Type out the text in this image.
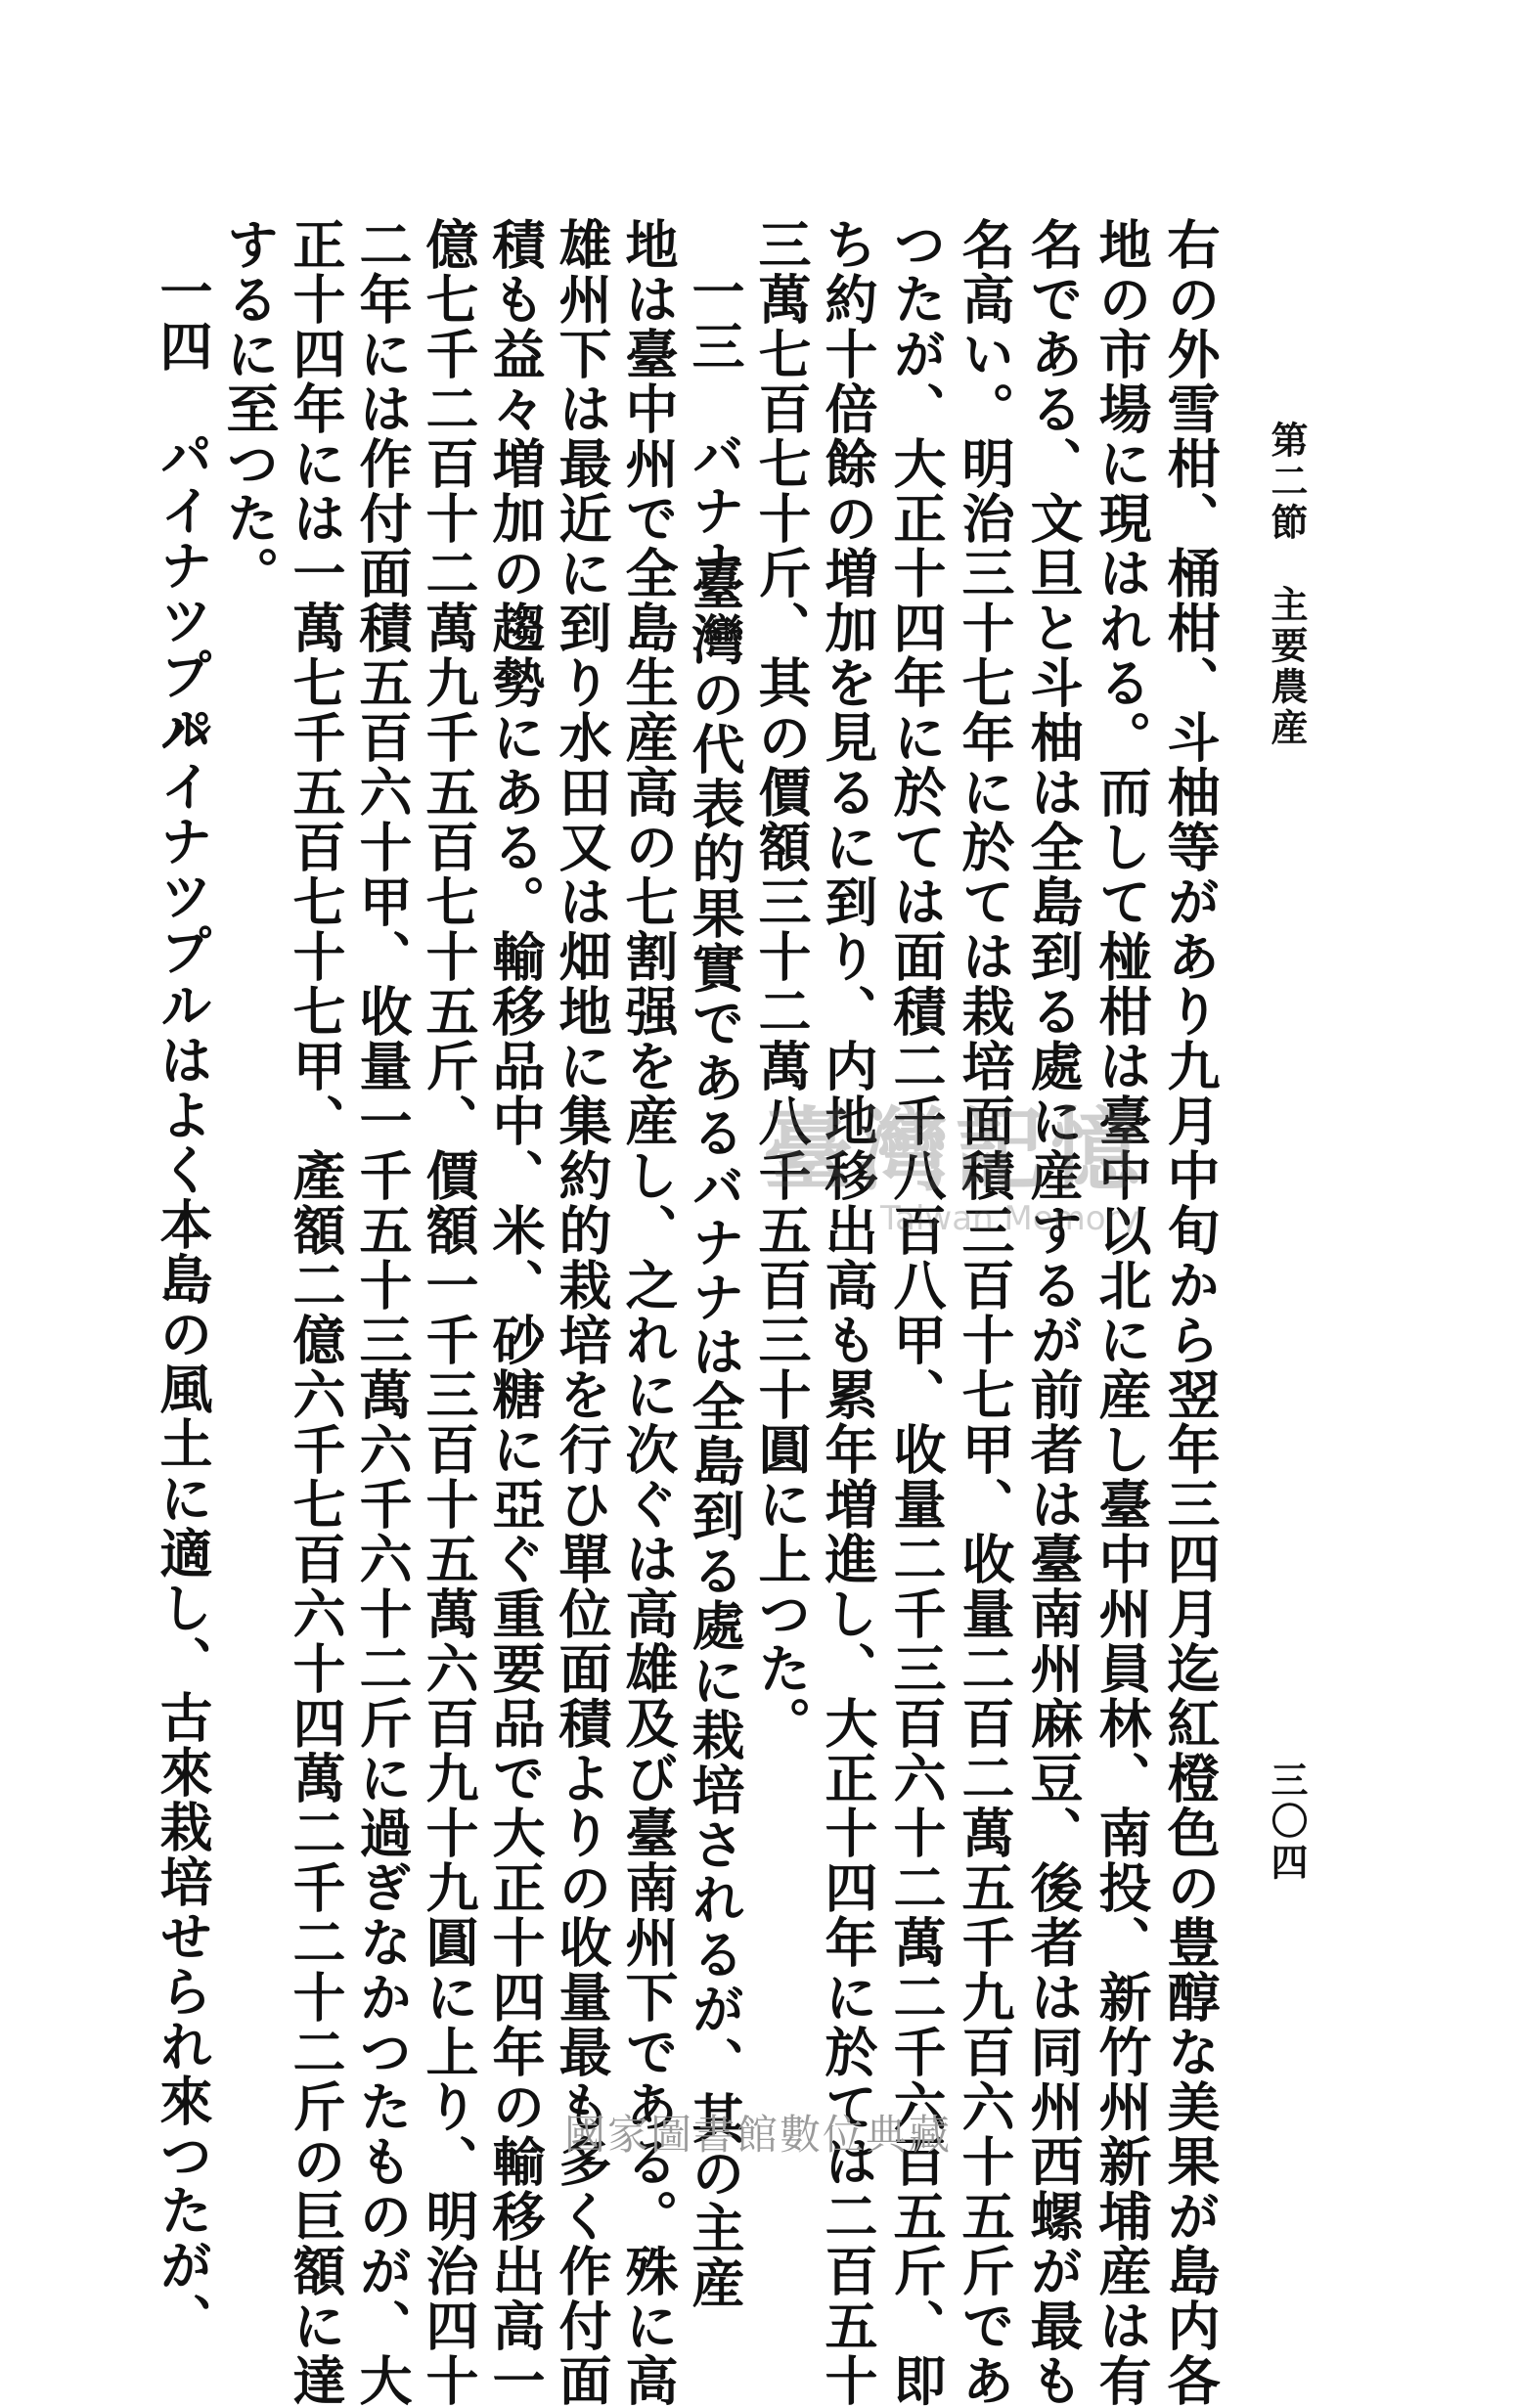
第二節　主要農産
三〇四
右の外雪柑、桶柑、斗柚等があり九月中旬から翌年三四月迄紅橙色の豊醇な美果が島内各
地の市場に現はれる。而して椪柑は臺中以北に産し臺中州員林、南投、新竹州新埔産は有
名である、文旦と斗柚は全島到る處に産するが前者は臺南州麻豆、後者は同州西螺が最も
名高い。明治三十七年に於ては栽培面積三百十七甲、收量二百二萬五千九百六十五斤であ
つたが、大正十四年に於ては面積二千八百八甲、收量二千三百六十二萬二千六百五斤、即
ち約十倍餘の増加を見るに到り、内地移出高も累年増進し、大正十四年に於ては二百五十
三萬七百七十斤、其の價額三十二萬八千五百三十圓に上つた。
一三　バナナ
臺灣の代表的果實であるバナナは全島到る處に栽培されるが、其の主産
地は臺中州で全島生産高の七割强を産し、之れに次ぐは高雄及び臺南州下である。殊に高
雄州下は最近に到り水田又は畑地に集約的栽培を行ひ單位面積よりの收量最も多く作付面
積も益々増加の趨勢にある。輸移品中、米、砂糖に亞ぐ重要品で大正十四年の輸移出高一
億七千二百十二萬九千五百七十五斤、價額一千三百十五萬六百九十九圓に上り、明治四十
二年には作付面積五百六十甲、收量一千五十三萬六千六十二斤に過ぎなかつたものが、大
正十四年には一萬七千五百七十七甲、產額二億六千七百六十四萬二千二十二斤の巨額に達
するに至つた。
一四　パイナツプル
パイナツプルはよく本島の風土に適し、古來栽培せられ來つたが、	臺灣記憶
Taiwan Memory
國家圖書館數位典藏
